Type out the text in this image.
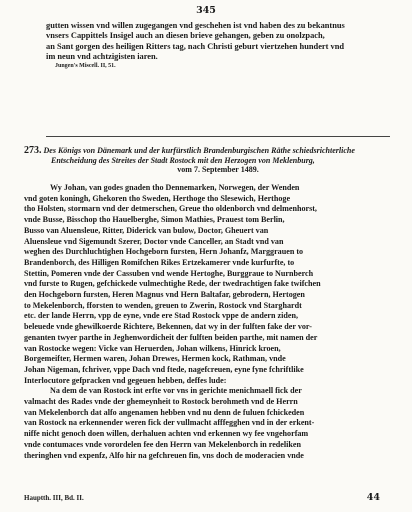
345
gutten wissen vnd willen zugegangen vnd geschehen ist vnd haben des zu bekantnus
vnsers Cappittels Insigel auch an diesen brieve gehangen, geben zu onolzpach,
an Sant gorgen des heiligen Ritters tag, nach Christi geburt viertzehen hundert vnd
im neun vnd achtzigisten iaren.
Jungen's Miscell. II, 51.
273. Des Königs von Dänemark und der kurfürstlich Brandenburgischen Räthe schiedsrichterliche
Entscheidung des Streites der Stadt Rostock mit den Herzogen von Meklenburg,
vom 7. September 1489.
Wy Johan, van godes gnaden tho Dennemarken, Norwegen, der Wenden
vnd goten koningh, Ghekoren tho Sweden, Herthoge tho Slesewich, Herthoge
tho Holsten, stormarn vnd der detmerschen, Greue tho oldenborch vnd delmenhorst,
vnde Busse, Bisschop tho Hauelberghe, Simon Mathies, Prauest tom Berlin,
Busso van Aluensleue, Ritter, Diderick van bulow, Doctor, Gheuert van
Aluensleue vnd Sigemundt Szerer, Doctor vnde Canceller, an Stadt vnd van
weghen des Durchluchtighen Hochgeborn fursten, Hern Johanfz, Marggrauen to
Brandenborch, des Hilligen Romifchen Rikes Ertzekamerer vnde kurfurfte, to
Stettin, Pomeren vnde der Cassuben vnd wende Hertoghe, Burggraue to Nurnberch
vnd furste to Rugen, gefchickede vulmechtighe Rede, der twedrachtigen fake twifchen
den Hochgeborn fursten, Heren Magnus vnd Hern Baltafar, gebrodern, Hertogen
to Mekelenborch, fforsten to wenden, greuen to Zwerin, Rostock vnd Starghardt
etc. der lande Herrn, vpp de eyne, vnde ere Stad Rostock vppe de andern ziden,
beleuede vnde ghewilkoerde Richtere, Bekennen, dat wy in der fulften fake der vor-
genanten twyer parthe in Jeghenwordicheit der fulften beiden parthe, mit namen der
van Rostocke wegen: Vicke van Heruerden, Johan wilkens, Hinrick kroen,
Borgemeifter, Hermen waren, Johan Drewes, Hermen kock, Rathman, vnde
Johan Nigeman, fchriver, vppe Dach vnd ftede, nagefcreuen, eyne fyne fchriftlike
Interlocutore gefpracken vnd gegeuen hebben, deffes lude:
Na dem de van Rostock int erfte vor vns in gerichte menichmaell fick der
valmacht des Rades vnde der ghemeynheit to Rostock berohmeth vnd de Herrn
van Mekelenborch dat alfo angenamen hebben vnd nu denn de fuluen fchickeden
van Rostock na erkennender weren fick der vullmacht afffegghen vnd in der erkent-
niffe nicht genoch doen willen, derhaluen achten vnd erkennen wy fee vngehorfam
vnde contumaces vnde vorordelen fee den Herrn van Mekelenborch in redeliken
theringhen vnd expenfz, Alfo hir na gefchreuen fin, vns doch de moderacien vnde
Hauptth. III, Bd. II.	44
